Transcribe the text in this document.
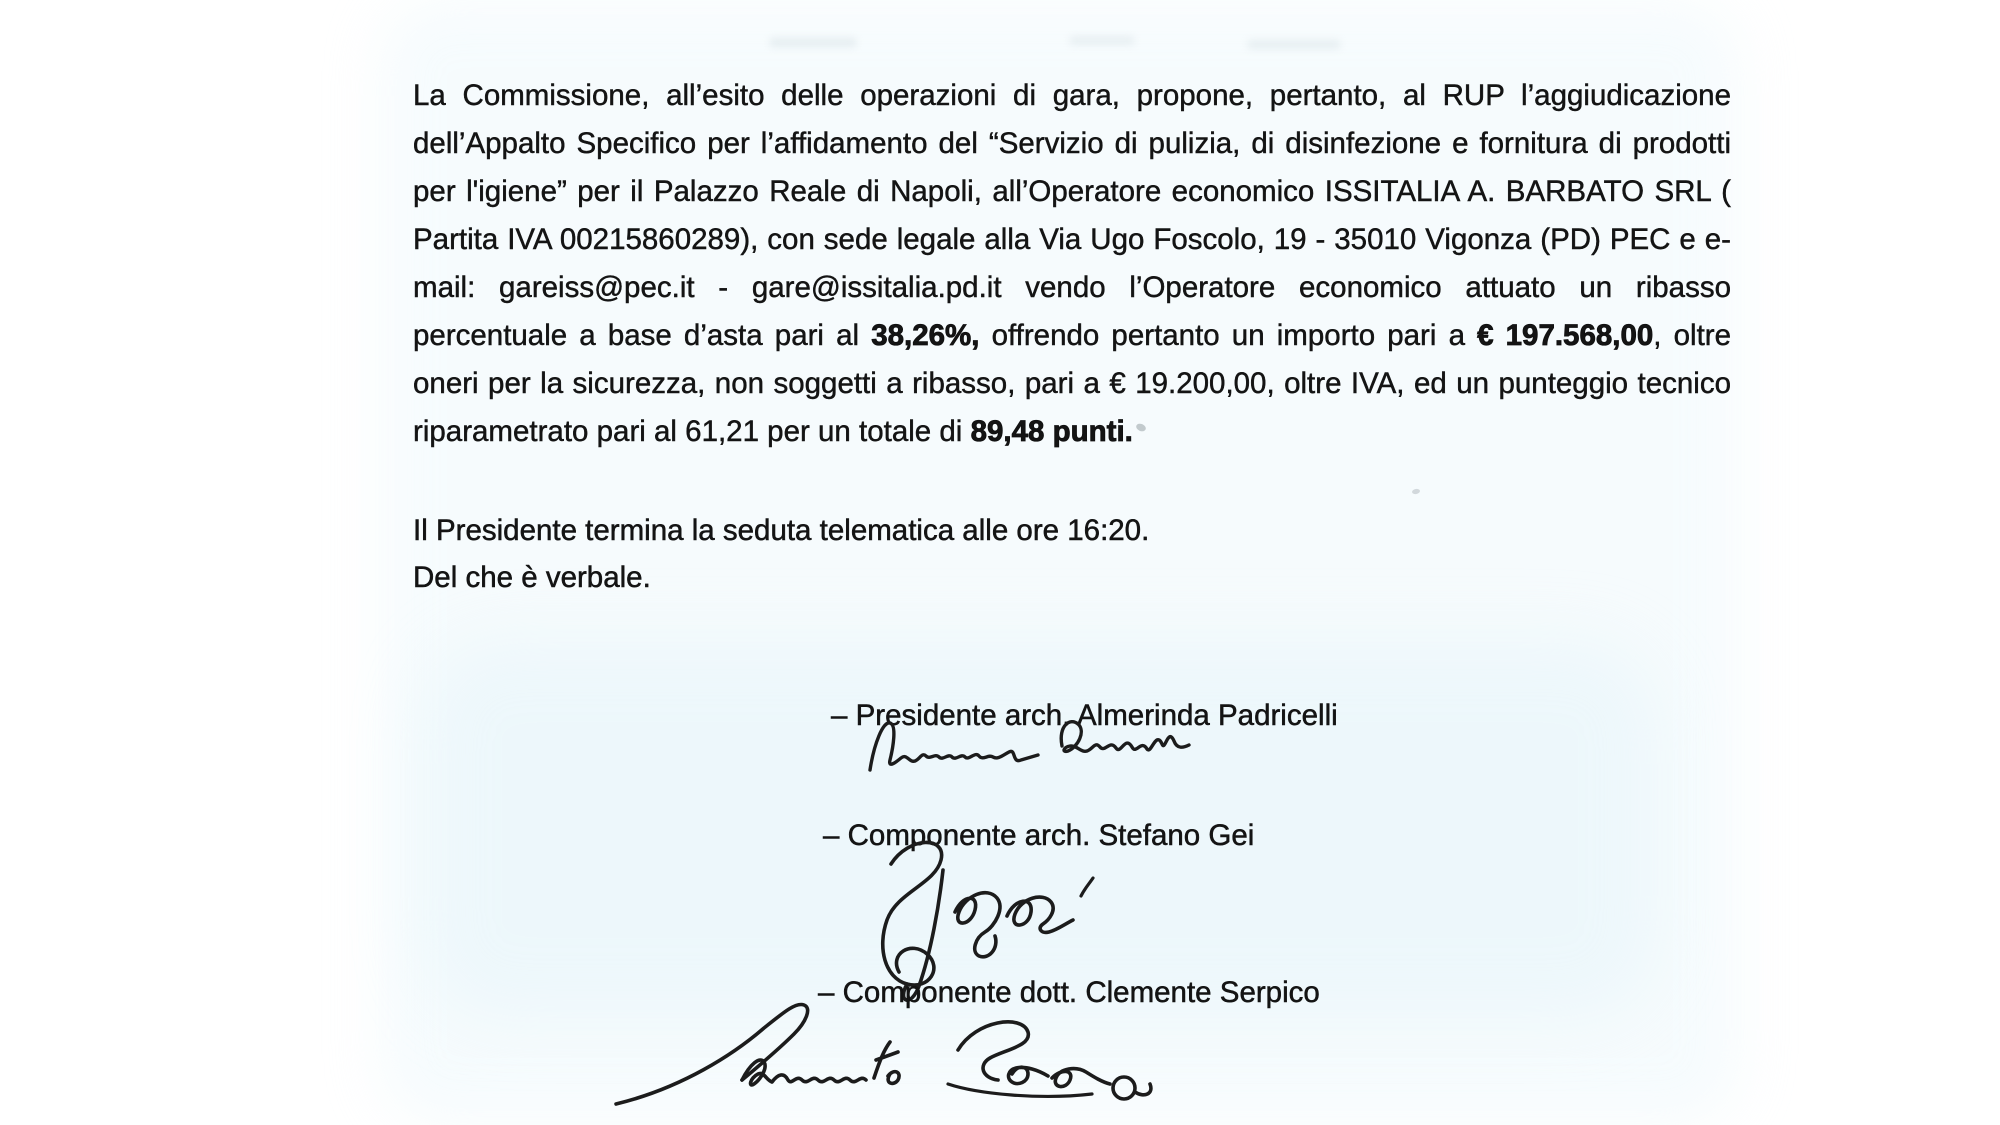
La Commissione, all’esito delle operazioni di gara, propone, pertanto, al RUP l’aggiudicazione dell’Appalto Specifico per l’affidamento del “Servizio di pulizia, di disinfezione e fornitura di prodotti per l'igiene” per il Palazzo Reale di Napoli, all’Operatore economico ISSITALIA A. BARBATO SRL ( Partita IVA 00215860289), con sede legale alla Via Ugo Foscolo, 19 - 35010 Vigonza (PD) PEC e e-mail: gareiss@pec.it - gare@issitalia.pd.it vendo l’Operatore economico attuato un ribasso percentuale a base d’asta pari al 38,26%, offrendo pertanto un importo pari a € 197.568,00, oltre oneri per la sicurezza, non soggetti a ribasso, pari a € 19.200,00, oltre IVA, ed un punteggio tecnico riparametrato pari al 61,21 per un totale di 89,48 punti.

Il Presidente termina la seduta telematica alle ore 16:20.
Del che è verbale.
– Presidente arch. Almerinda Padricelli
– Componente arch. Stefano Gei
– Componente dott. Clemente Serpico
